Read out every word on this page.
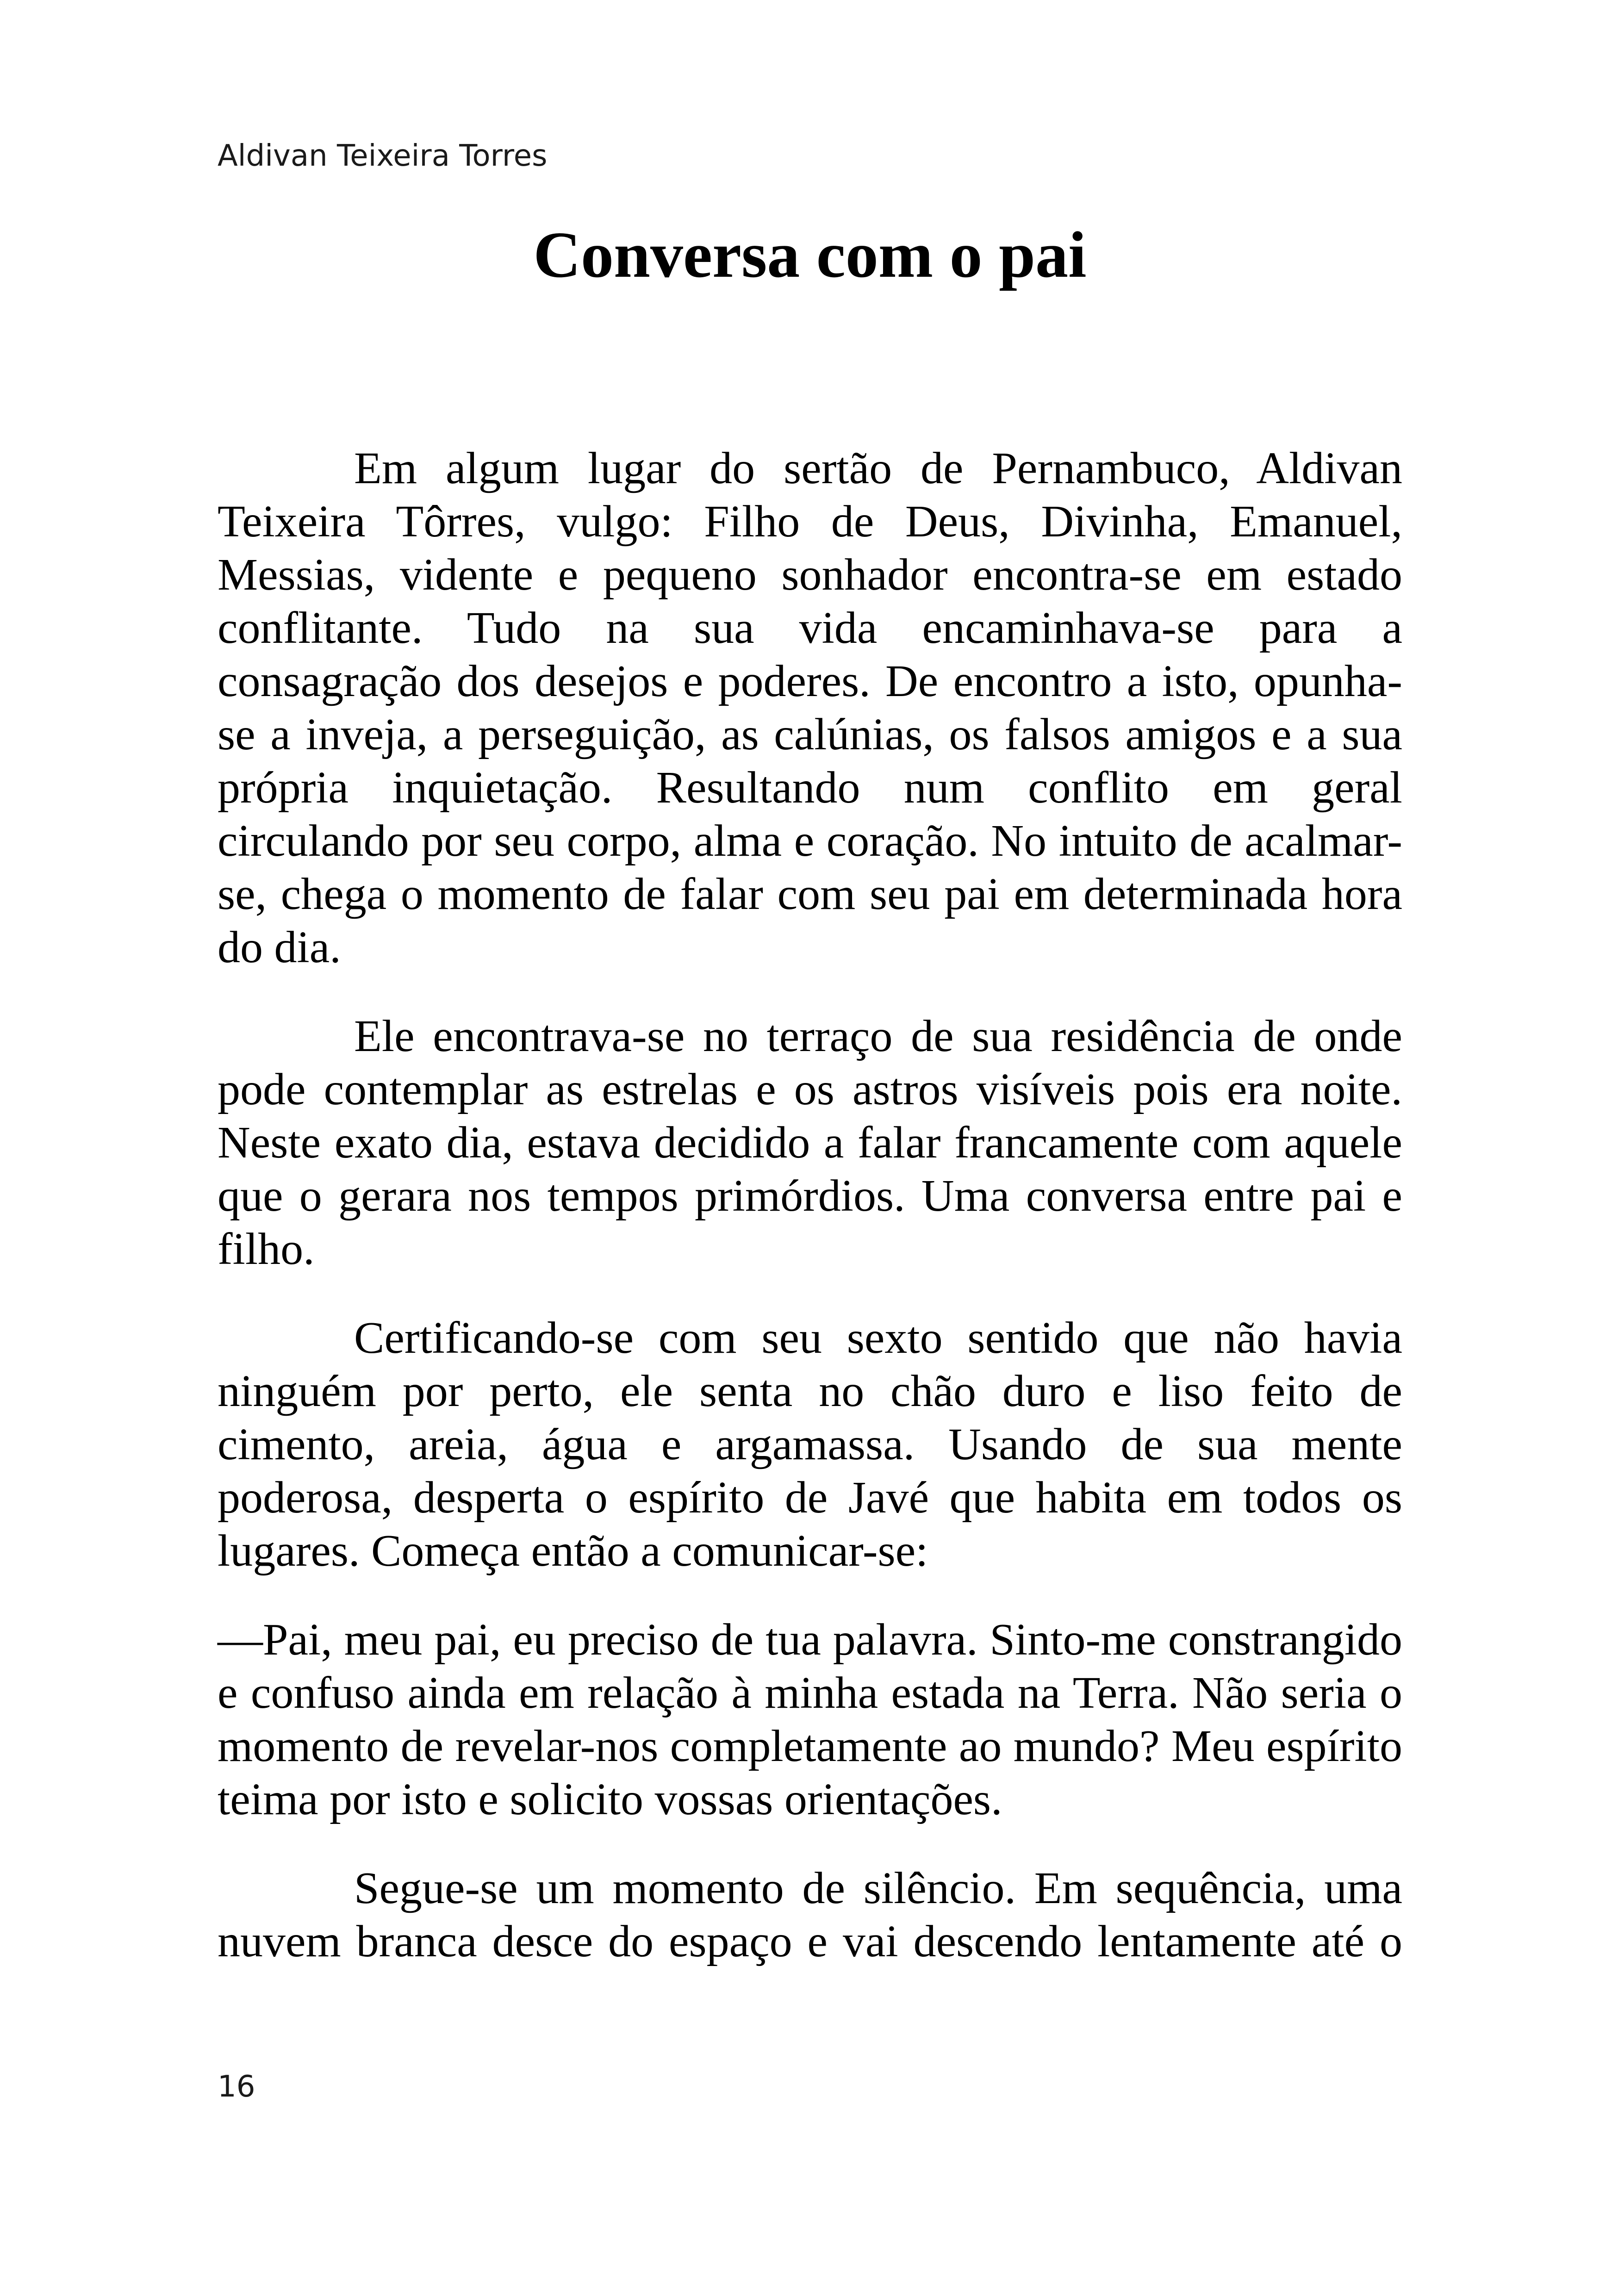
Aldivan Teixeira Torres

Conversa com o pai

Em algum lugar do sertão de Pernambuco, Aldivan Teixeira Tôrres, vulgo: Filho de Deus, Divinha, Emanuel, Messias, vidente e pequeno sonhador encontra-se em estado conflitante. Tudo na sua vida encaminhava-se para a consagração dos desejos e poderes. De encontro a isto, opunha-se a inveja, a perseguição, as calúnias, os falsos amigos e a sua própria inquietação. Resultando num conflito em geral circulando por seu corpo, alma e coração. No intuito de acalmar-se, chega o momento de falar com seu pai em determinada hora do dia.

Ele encontrava-se no terraço de sua residência de onde pode contemplar as estrelas e os astros visíveis pois era noite. Neste exato dia, estava decidido a falar francamente com aquele que o gerara nos tempos primórdios. Uma conversa entre pai e filho.

Certificando-se com seu sexto sentido que não havia ninguém por perto, ele senta no chão duro e liso feito de cimento, areia, água e argamassa. Usando de sua mente poderosa, desperta o espírito de Javé que habita em todos os lugares. Começa então a comunicar-se:

—Pai, meu pai, eu preciso de tua palavra. Sinto-me constrangido e confuso ainda em relação à minha estada na Terra. Não seria o momento de revelar-nos completamente ao mundo? Meu espírito teima por isto e solicito vossas orientações.

Segue-se um momento de silêncio. Em sequência, uma nuvem branca desce do espaço e vai descendo lentamente até o

16
